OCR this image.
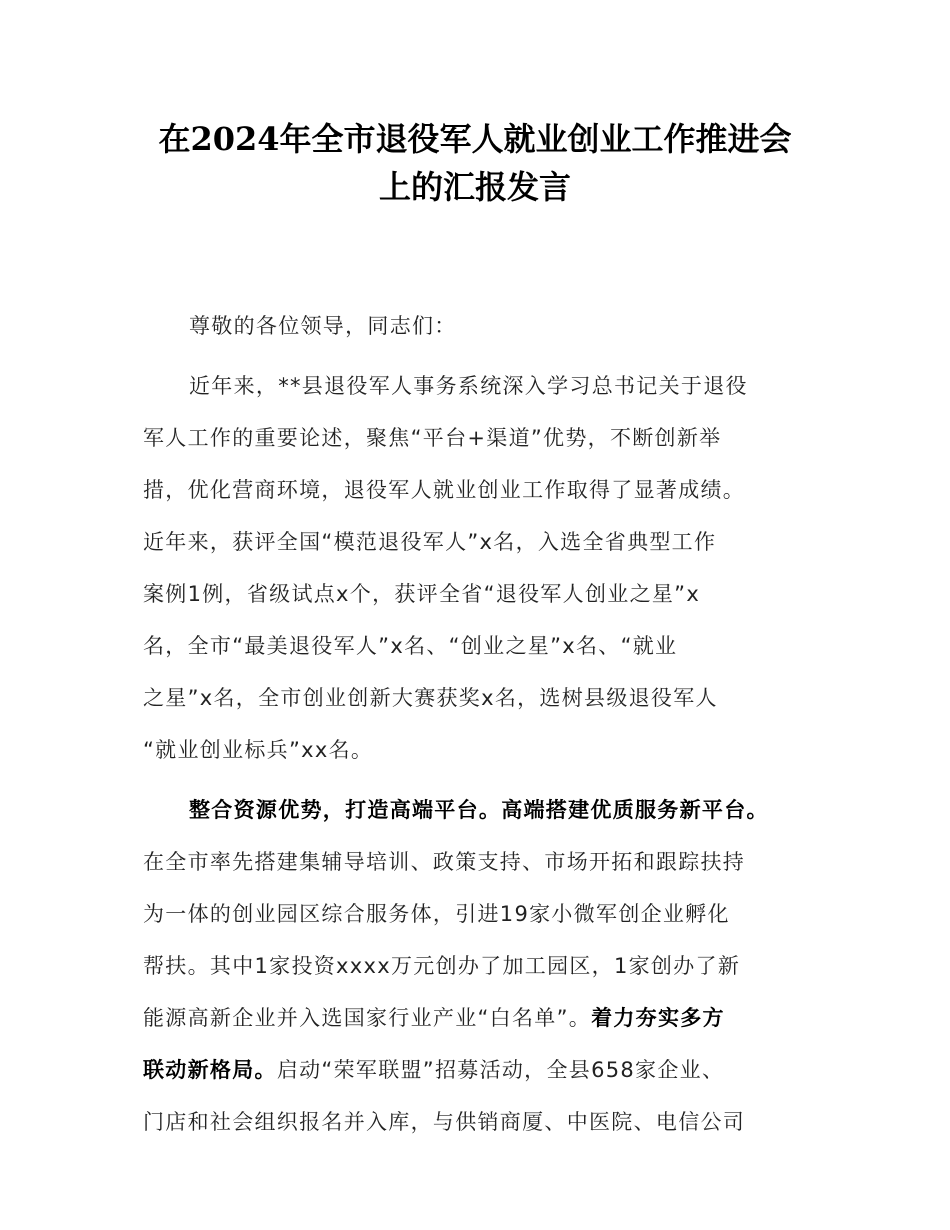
在2024年全市退役军人就业创业工作推进会
上的汇报发言

尊敬的各位领导，同志们：

近年来，**县退役军人事务系统深入学习总书记关于退役
军人工作的重要论述，聚焦“平台+渠道”优势，不断创新举
措，优化营商环境，退役军人就业创业工作取得了显著成绩。
近年来，获评全国“模范退役军人”x名，入选全省典型工作
案例1例，省级试点x个，获评全省“退役军人创业之星”x
名，全市“最美退役军人”x名、“创业之星”x名、“就业
之星”x名，全市创业创新大赛获奖x名，选树县级退役军人
“就业创业标兵”xx名。

整合资源优势，打造高端平台。高端搭建优质服务新平台。
在全市率先搭建集辅导培训、政策支持、市场开拓和跟踪扶持
为一体的创业园区综合服务体，引进19家小微军创企业孵化
帮扶。其中1家投资xxxx万元创办了加工园区，1家创办了新
能源高新企业并入选国家行业产业“白名单”。着力夯实多方
联动新格局。启动“荣军联盟”招募活动，全县658家企业、
门店和社会组织报名并入库，与供销商厦、中医院、电信公司
